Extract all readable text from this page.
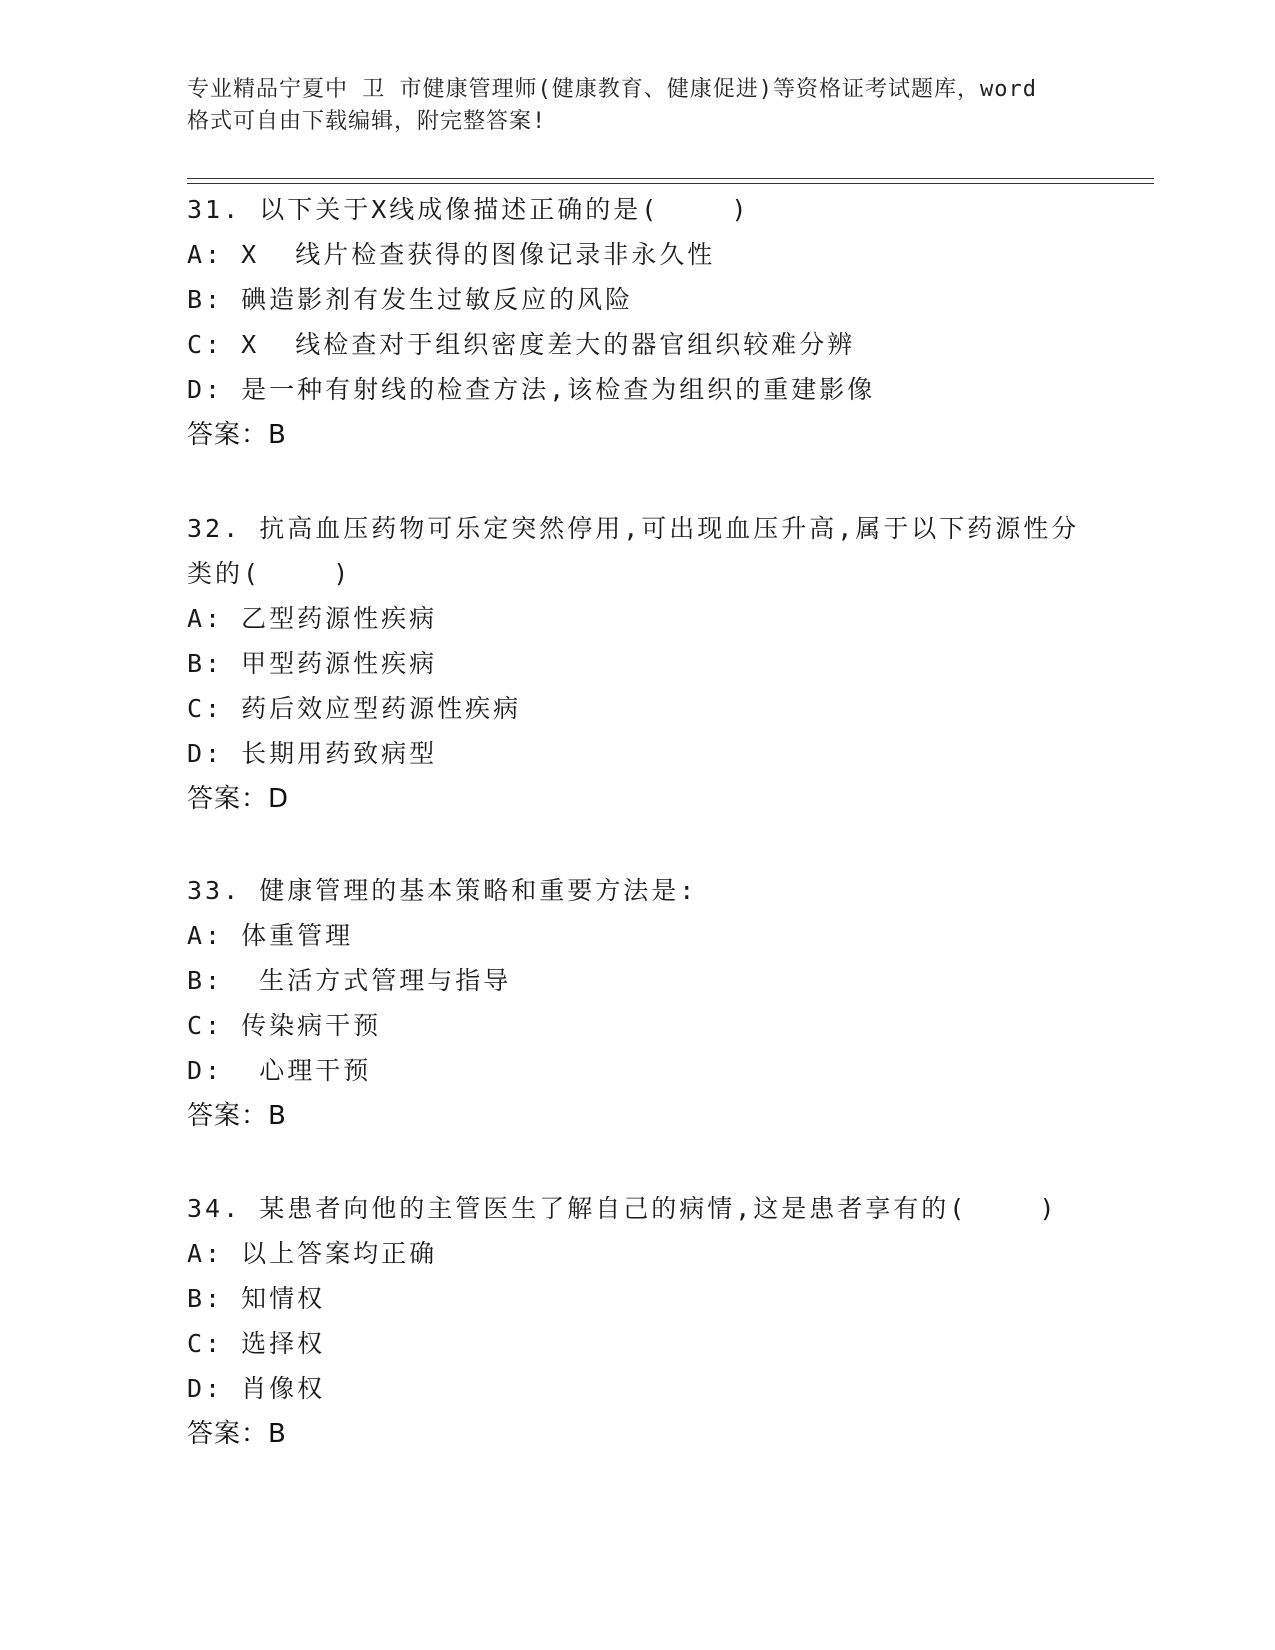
专业精品宁夏中 卫 市健康管理师(健康教育、健康促进)等资格证考试题库，word
格式可自由下载编辑，附完整答案!
31. 以下关于X线成像描述正确的是(    )
A: X  线片检查获得的图像记录非永久性
B: 碘造影剂有发生过敏反应的风险
C: X  线检查对于组织密度差大的器官组织较难分辨
D: 是一种有射线的检查方法,该检查为组织的重建影像
答案：B
32. 抗高血压药物可乐定突然停用,可出现血压升高,属于以下药源性分类的(    )
A: 乙型药源性疾病
B: 甲型药源性疾病
C: 药后效应型药源性疾病
D: 长期用药致病型
答案：D
33. 健康管理的基本策略和重要方法是:
A: 体重管理
B:  生活方式管理与指导
C: 传染病干预
D:  心理干预
答案：B
34. 某患者向他的主管医生了解自己的病情,这是患者享有的(    )
A: 以上答案均正确
B: 知情权
C: 选择权
D: 肖像权
答案：B
